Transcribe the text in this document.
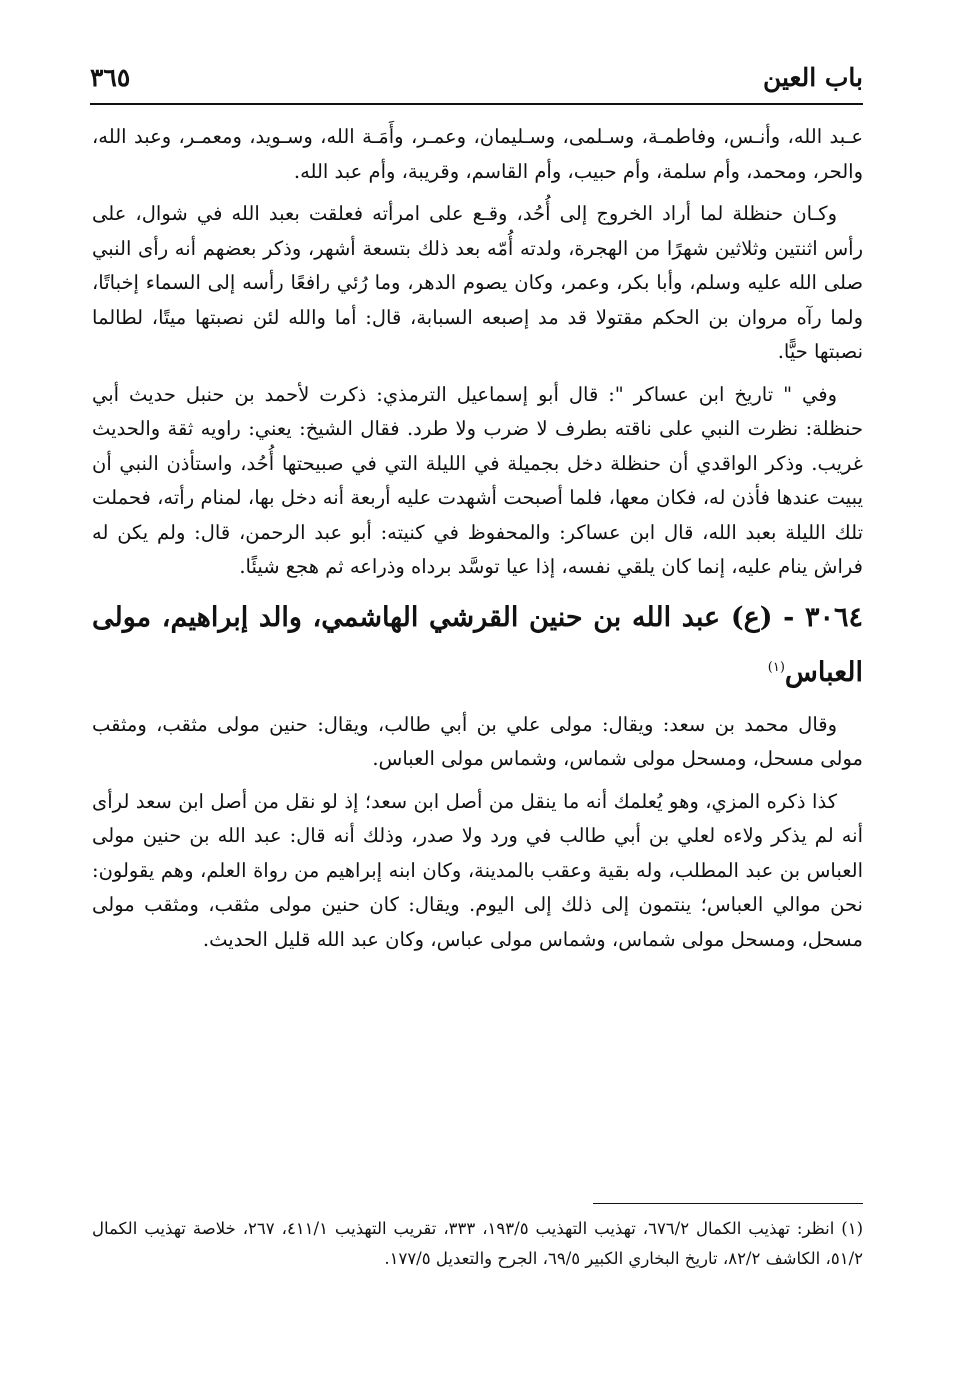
باب العين
٣٦٥

عـبد الله، وأنـس، وفاطمـة، وسـلمى، وسـليمان، وعمـر، وأَمَـة الله، وسـويد، ومعمـر، وعبد الله، والحر، ومحمد، وأم سلمة، وأم حبيب، وأم القاسم، وقريبة، وأم عبد الله.

وكـان حنظلة لما أراد الخروج إلى أُحُد، وقـع على امرأته فعلقت بعبد الله في شوال، على رأس اثنتين وثلاثين شهرًا من الهجرة، ولدته أُمّه بعد ذلك بتسعة أشهر، وذكر بعضهم أنه رأى النبي صلى الله عليه وسلم، وأبا بكر، وعمر، وكان يصوم الدهر، وما رُئي رافعًا رأسه إلى السماء إخباتًا، ولما رآه مروان بن الحكم مقتولا قد مد إصبعه السبابة، قال: أما والله لئن نصبتها ميتًا، لطالما نصبتها حيًّا.

وفي " تاريخ ابن عساكر ": قال أبو إسماعيل الترمذي: ذكرت لأحمد بن حنبل حديث أبي حنظلة: نظرت النبي على ناقته بطرف لا ضرب ولا طرد. فقال الشيخ: يعني: راويه ثقة والحديث غريب. وذكر الواقدي أن حنظلة دخل بجميلة في الليلة التي في صبيحتها أُحُد، واستأذن النبي أن يبيت عندها فأذن له، فكان معها، فلما أصبحت أشهدت عليه أربعة أنه دخل بها، لمنام رأته، فحملت تلك الليلة بعبد الله، قال ابن عساكر: والمحفوظ في كنيته: أبو عبد الرحمن، قال: ولم يكن له فراش ينام عليه، إنما كان يلقي نفسه، إذا عيا توسَّد برداه وذراعه ثم هجع شيئًا.

٣٠٦٤ - (ع) عبد الله بن حنين القرشي الهاشمي، والد إبراهيم، مولى العباس$^{(١)}$

وقال محمد بن سعد: ويقال: مولى علي بن أبي طالب، ويقال: حنين مولى مثقب، ومثقب مولى مسحل، ومسحل مولى شماس، وشماس مولى العباس.

كذا ذكره المزي، وهو يُعلمك أنه ما ينقل من أصل ابن سعد؛ إذ لو نقل من أصل ابن سعد لرأى أنه لم يذكر ولاءه لعلي بن أبي طالب في ورد ولا صدر، وذلك أنه قال: عبد الله بن حنين مولى العباس بن عبد المطلب، وله بقية وعقب بالمدينة، وكان ابنه إبراهيم من رواة العلم، وهم يقولون: نحن موالي العباس؛ ينتمون إلى ذلك إلى اليوم. ويقال: كان حنين مولى مثقب، ومثقب مولى مسحل، ومسحل مولى شماس، وشماس مولى عباس، وكان عبد الله قليل الحديث.

(١) انظر: تهذيب الكمال ٦٧٦/٢، تهذيب التهذيب ١٩٣/٥، ٣٣٣، تقريب التهذيب ٤١١/١، ٢٦٧، خلاصة تهذيب الكمال ٥١/٢، الكاشف ٨٢/٢، تاريخ البخاري الكبير ٦٩/٥، الجرح والتعديل ١٧٧/٥.
